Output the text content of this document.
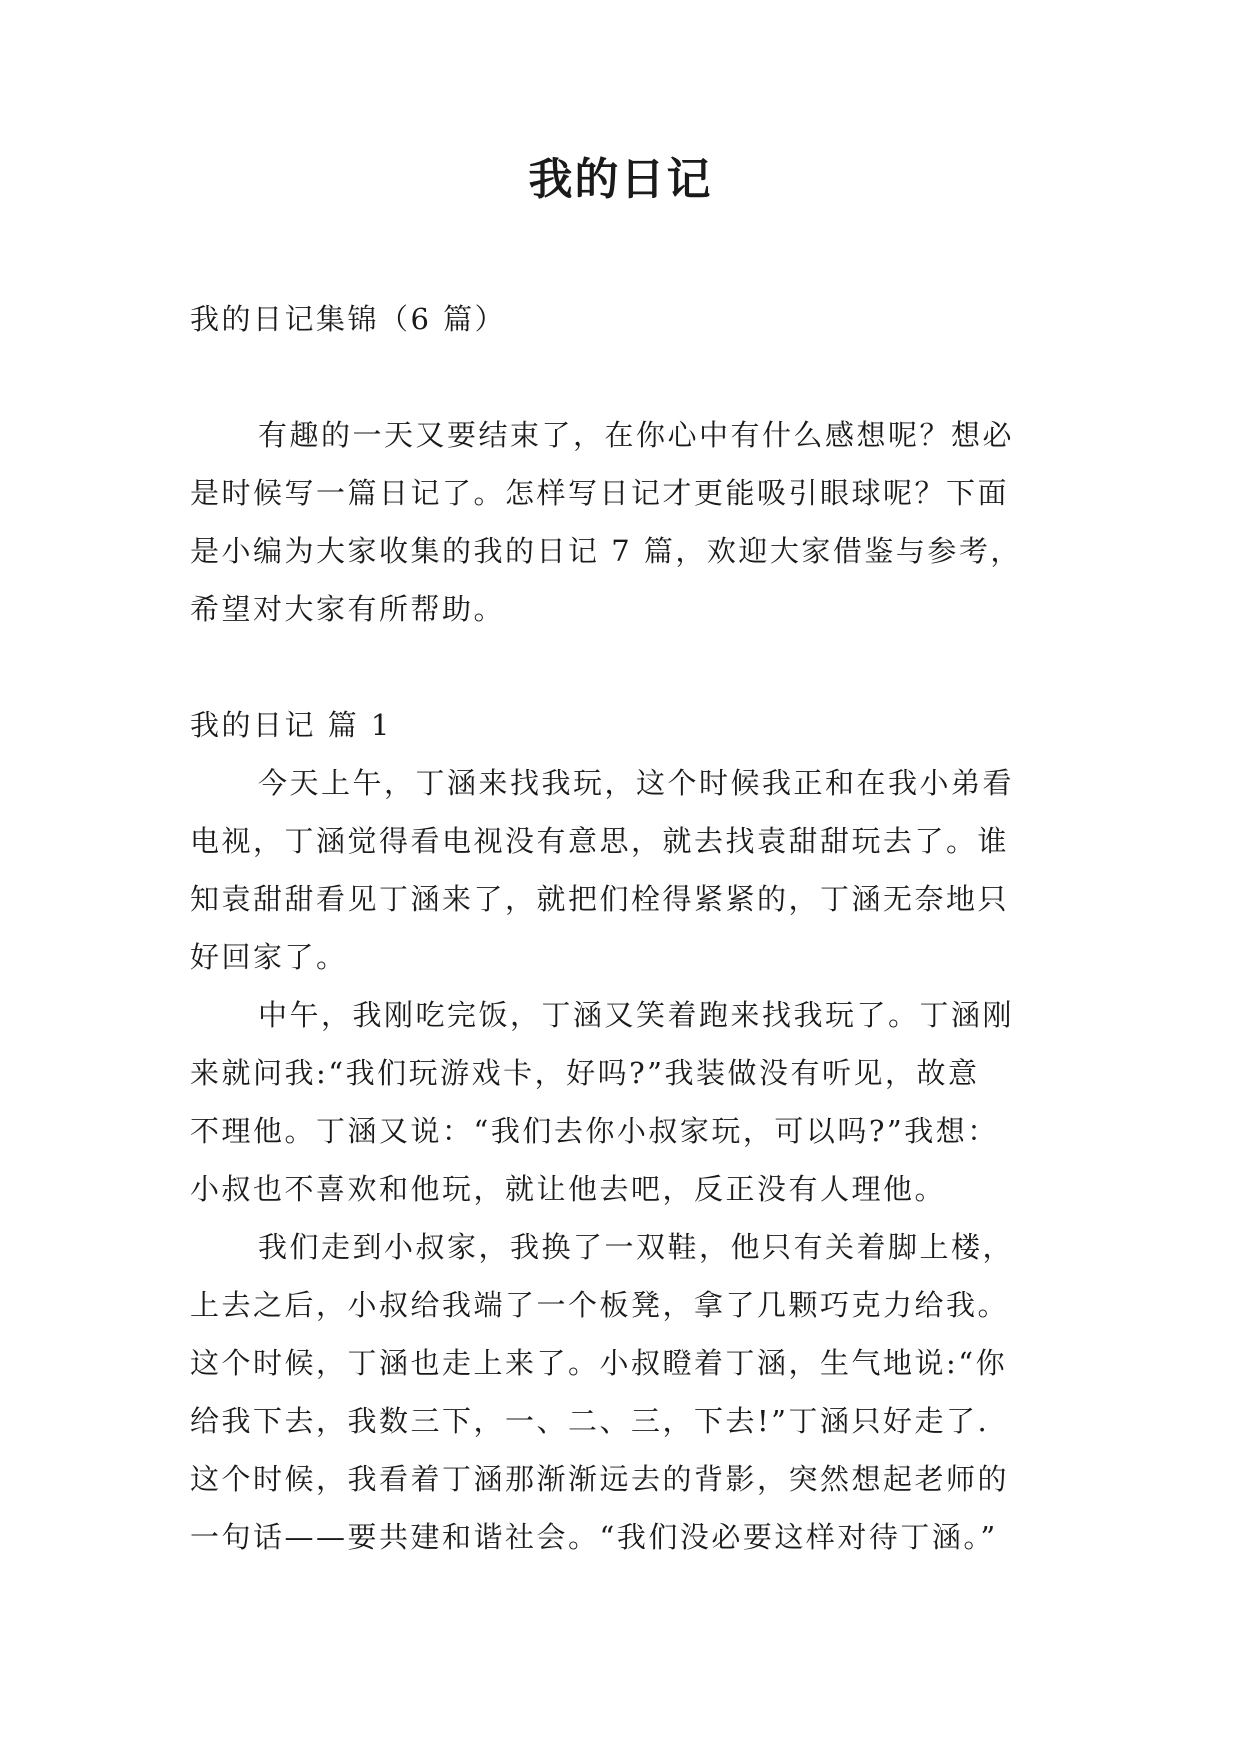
我的日记

我的日记集锦（6 篇）

有趣的一天又要结束了，在你心中有什么感想呢？想必

是时候写一篇日记了。怎样写日记才更能吸引眼球呢？下面

是小编为大家收集的我的日记 7 篇，欢迎大家借鉴与参考，

希望对大家有所帮助。

我的日记 篇 1

今天上午，丁涵来找我玩，这个时候我正和在我小弟看

电视，丁涵觉得看电视没有意思，就去找袁甜甜玩去了。谁

知袁甜甜看见丁涵来了，就把们栓得紧紧的，丁涵无奈地只

好回家了。

中午，我刚吃完饭，丁涵又笑着跑来找我玩了。丁涵刚

来就问我:“我们玩游戏卡，好吗?”我装做没有听见，故意

不理他。丁涵又说：“我们去你小叔家玩，可以吗?”我想：

小叔也不喜欢和他玩，就让他去吧，反正没有人理他。

我们走到小叔家，我换了一双鞋，他只有关着脚上楼，

上去之后，小叔给我端了一个板凳，拿了几颗巧克力给我。

这个时候，丁涵也走上来了。小叔瞪着丁涵，生气地说:“你

给我下去，我数三下，一、二、三，下去!”丁涵只好走了.

这个时候，我看着丁涵那渐渐远去的背影，突然想起老师的

一句话——要共建和谐社会。“我们没必要这样对待丁涵。”
